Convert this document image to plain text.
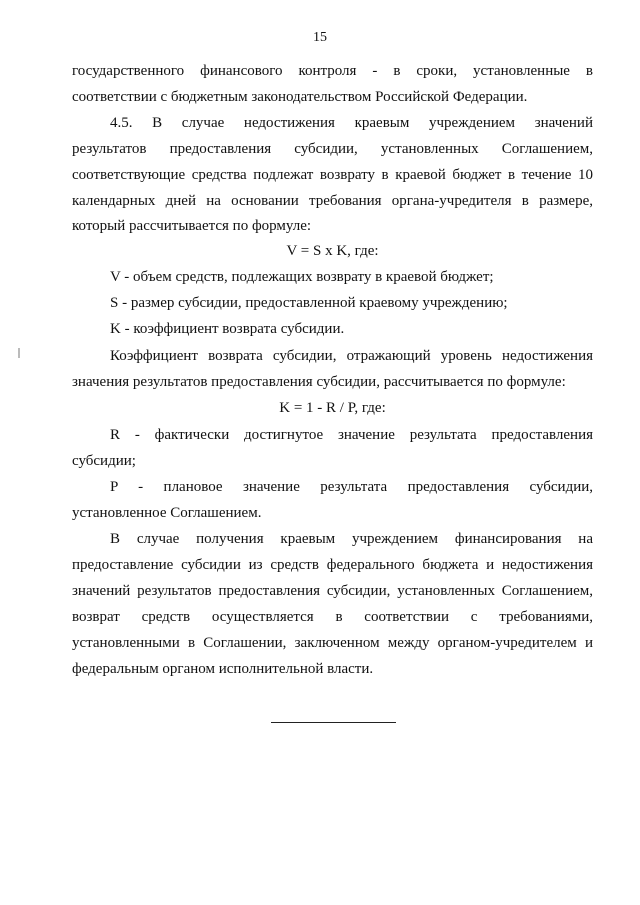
15
государственного финансового контроля - в сроки, установленные в
соответствии с бюджетным законодательством Российской Федерации.
4.5. В случае недостижения краевым учреждением значений
результатов предоставления субсидии, установленных Соглашением,
соответствующие средства подлежат возврату в краевой бюджет в течение 10
календарных дней на основании требования органа-учредителя в размере,
который рассчитывается по формуле:
V = S x K, где:
V - объем средств, подлежащих возврату в краевой бюджет;
S - размер субсидии, предоставленной краевому учреждению;
K - коэффициент возврата субсидии.
Коэффициент возврата субсидии, отражающий уровень недостижения
значения результатов предоставления субсидии, рассчитывается по формуле:
K = 1 - R / P, где:
R - фактически достигнутое значение результата предоставления
субсидии;
P - плановое значение результата предоставления субсидии,
установленное Соглашением.
В случае получения краевым учреждением финансирования на
предоставление субсидии из средств федерального бюджета и недостижения
значений результатов предоставления субсидии, установленных Соглашением,
возврат средств осуществляется в соответствии с требованиями,
установленными в Соглашении, заключенном между органом-учредителем и
федеральным органом исполнительной власти.
